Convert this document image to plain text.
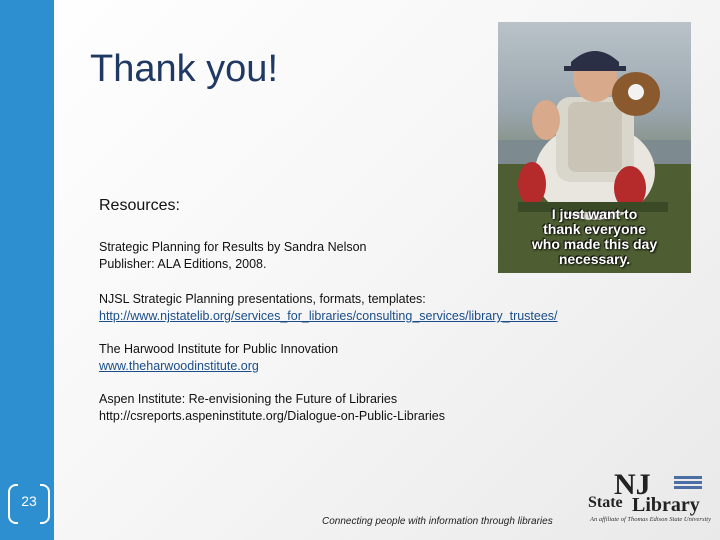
23
Thank you!
I just want to
thank everyone
who made this day
necessary.
Resources:
Strategic Planning for Results by Sandra Nelson
Publisher: ALA Editions, 2008.
NJSL Strategic Planning presentations, formats, templates:
http://www.njstatelib.org/services_for_libraries/consulting_services/library_trustees/
The Harwood Institute for Public Innovation
www.theharwoodinstitute.org
Aspen Institute: Re-envisioning the Future of Libraries
http://csreports.aspeninstitute.org/Dialogue-on-Public-Libraries
Connecting people with information through libraries
NJ
State Library
An affiliate of Thomas Edison State University
